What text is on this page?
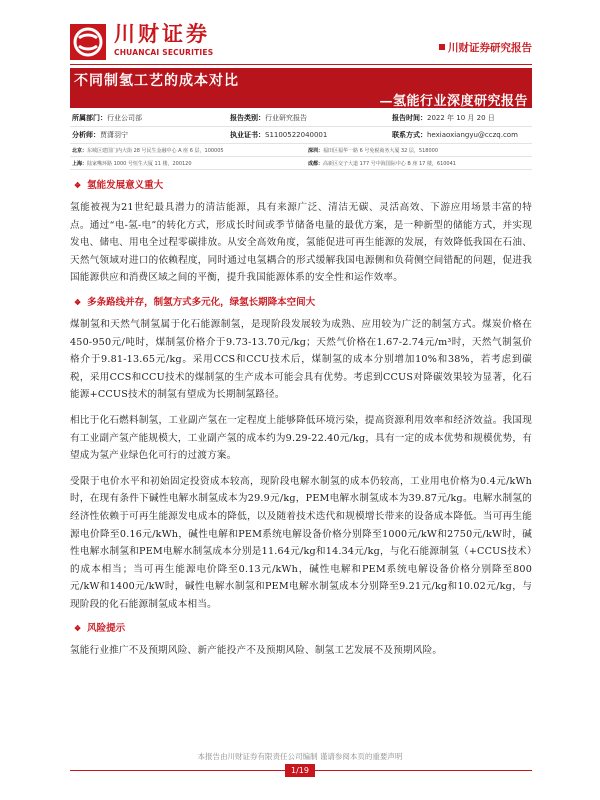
川财证券
CHUANCAI SECURITIES	川财证券研究报告
不同制氢工艺的成本对比
—氢能行业深度研究报告
所属部门：行业公司部	报告类别：行业研究报告	报告时间：2022 年 10 月 20 日
分析师：贾潇羽宁	执业证书：S1100522040001	联系方式：hexiaoxiangyu@cczq.com
北京：东城区建国门内大街 28 号民生金融中心 A 座 6 层，100005	深圳：福田区福华一路 6 号免税商务大厦 32 层，518000
上海：陆家嘴环路 1000 号恒生大厦 11 楼，200120	成都：高新区交子大道 177 号中海国际中心 B 座 17 楼，610041
❖ 氢能发展意义重大

氢能被视为21世纪最具潜力的清洁能源，具有来源广泛、清洁无碳、灵活高效、下游应用场景丰富的特点。通过“电-氢-电”的转化方式，形成长时间或季节储备电量的最优方案，是一种新型的储能方式，并实现发电、储电、用电全过程零碳排放。从安全高效角度，氢能促进可再生能源的发展，有效降低我国在石油、天然气领域对进口的依赖程度，同时通过电氢耦合的形式缓解我国电源侧和负荷侧空间错配的问题，促进我国能源供应和消费区域之间的平衡，提升我国能源体系的安全性和运作效率。

❖ 多条路线并存，制氢方式多元化，绿氢长期降本空间大

煤制氢和天然气制氢属于化石能源制氢，是现阶段发展较为成熟、应用较为广泛的制氢方式。煤炭价格在450-950元/吨时，煤制氢价格介于9.73-13.70元/kg；天然气价格在1.67-2.74元/m³时，天然气制氢价格介于9.81-13.65元/kg。采用CCS和CCU技术后，煤制氢的成本分别增加10%和38%，若考虑到碳税，采用CCS和CCU技术的煤制氢的生产成本可能会具有优势。考虑到CCUS对降碳效果较为显著，化石能源+CCUS技术的制氢有望成为长期制氢路径。

相比于化石燃料制氢，工业副产氢在一定程度上能够降低环境污染，提高资源利用效率和经济效益。我国现有工业副产氢产能规模大，工业副产氢的成本约为9.29-22.40元/kg，具有一定的成本优势和规模优势，有望成为氢产业绿色化可行的过渡方案。

受限于电价水平和初始固定投资成本较高，现阶段电解水制氢的成本仍较高，工业用电价格为0.4元/kWh时，在现有条件下碱性电解水制氢成本为29.9元/kg，PEM电解水制氢成本为39.87元/kg。电解水制氢的经济性依赖于可再生能源发电成本的降低，以及随着技术迭代和规模增长带来的设备成本降低。当可再生能源电价降至0.16元/kWh，碱性电解和PEM系统电解设备价格分别降至1000元/kW和2750元/kW时，碱性电解水制氢和PEM电解水制氢成本分别是11.64元/kg和14.34元/kg，与化石能源制氢（+CCUS技术）的成本相当；当可再生能源电价降至0.13元/kWh，碱性电解和PEM系统电解设备价格分别降至800元/kW和1400元/kW时，碱性电解水制氢和PEM电解水制氢成本分别降至9.21元/kg和10.02元/kg，与现阶段的化石能源制氢成本相当。

❖ 风险提示

氢能行业推广不及预期风险、新产能投产不及预期风险、制氢工艺发展不及预期风险。

本报告由川财证券有限责任公司编制 谨请参阅本页的重要声明
1/19
